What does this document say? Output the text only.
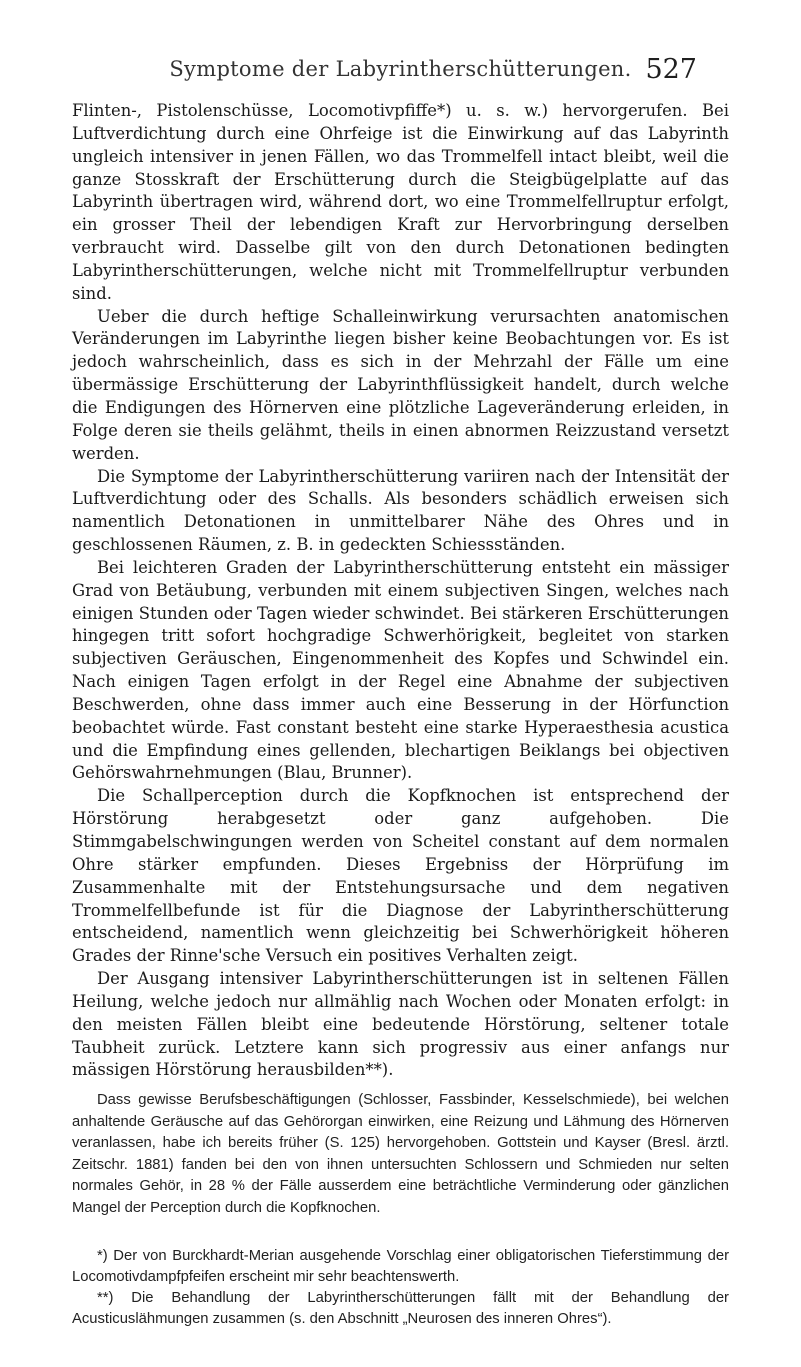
Symptome der Labyrintherschütterungen. 527

Flinten-, Pistolenschüsse, Locomotivpfiffe*) u. s. w.) hervorgerufen. Bei Luftverdichtung durch eine Ohrfeige ist die Einwirkung auf das Labyrinth ungleich intensiver in jenen Fällen, wo das Trommelfell intact bleibt, weil die ganze Stosskraft der Erschütterung durch die Steigbügelplatte auf das Labyrinth übertragen wird, während dort, wo eine Trommelfellruptur erfolgt, ein grosser Theil der lebendigen Kraft zur Hervorbringung derselben verbraucht wird. Dasselbe gilt von den durch Detonationen bedingten Labyrintherschütterungen, welche nicht mit Trommelfellruptur verbunden sind.

Ueber die durch heftige Schalleinwirkung verursachten anatomischen Veränderungen im Labyrinthe liegen bisher keine Beobachtungen vor. Es ist jedoch wahrscheinlich, dass es sich in der Mehrzahl der Fälle um eine übermässige Erschütterung der Labyrinthflüssigkeit handelt, durch welche die Endigungen des Hörnerven eine plötzliche Lageveränderung erleiden, in Folge deren sie theils gelähmt, theils in einen abnormen Reizzustand versetzt werden.

Die Symptome der Labyrintherschütterung variiren nach der Intensität der Luftverdichtung oder des Schalls. Als besonders schädlich erweisen sich namentlich Detonationen in unmittelbarer Nähe des Ohres und in geschlossenen Räumen, z. B. in gedeckten Schiessständen.

Bei leichteren Graden der Labyrintherschütterung entsteht ein mässiger Grad von Betäubung, verbunden mit einem subjectiven Singen, welches nach einigen Stunden oder Tagen wieder schwindet. Bei stärkeren Erschütterungen hingegen tritt sofort hochgradige Schwerhörigkeit, begleitet von starken subjectiven Geräuschen, Eingenommenheit des Kopfes und Schwindel ein. Nach einigen Tagen erfolgt in der Regel eine Abnahme der subjectiven Beschwerden, ohne dass immer auch eine Besserung in der Hörfunction beobachtet würde. Fast constant besteht eine starke Hyperaesthesia acustica und die Empfindung eines gellenden, blechartigen Beiklangs bei objectiven Gehörswahrnehmungen (Blau, Brunner).

Die Schallperception durch die Kopfknochen ist entsprechend der Hörstörung herabgesetzt oder ganz aufgehoben. Die Stimmgabelschwingungen werden von Scheitel constant auf dem normalen Ohre stärker empfunden. Dieses Ergebniss der Hörprüfung im Zusammenhalte mit der Entstehungsursache und dem negativen Trommelfellbefunde ist für die Diagnose der Labyrintherschütterung entscheidend, namentlich wenn gleichzeitig bei Schwerhörigkeit höheren Grades der Rinne'sche Versuch ein positives Verhalten zeigt.

Der Ausgang intensiver Labyrintherschütterungen ist in seltenen Fällen Heilung, welche jedoch nur allmählig nach Wochen oder Monaten erfolgt: in den meisten Fällen bleibt eine bedeutende Hörstörung, seltener totale Taubheit zurück. Letztere kann sich progressiv aus einer anfangs nur mässigen Hörstörung herausbilden**).

Dass gewisse Berufsbeschäftigungen (Schlosser, Fassbinder, Kesselschmiede), bei welchen anhaltende Geräusche auf das Gehörorgan einwirken, eine Reizung und Lähmung des Hörnerven veranlassen, habe ich bereits früher (S. 125) hervorgehoben. Gottstein und Kayser (Bresl. ärztl. Zeitschr. 1881) fanden bei den von ihnen untersuchten Schlossern und Schmieden nur selten normales Gehör, in 28 % der Fälle ausserdem eine beträchtliche Verminderung oder gänzlichen Mangel der Perception durch die Kopfknochen.

*) Der von Burckhardt-Merian ausgehende Vorschlag einer obligatorischen Tieferstimmung der Locomotivdampfpfeifen erscheint mir sehr beachtenswerth.

**) Die Behandlung der Labyrintherschütterungen fällt mit der Behandlung der Acusticuslähmungen zusammen (s. den Abschnitt „Neurosen des inneren Ohres“).
